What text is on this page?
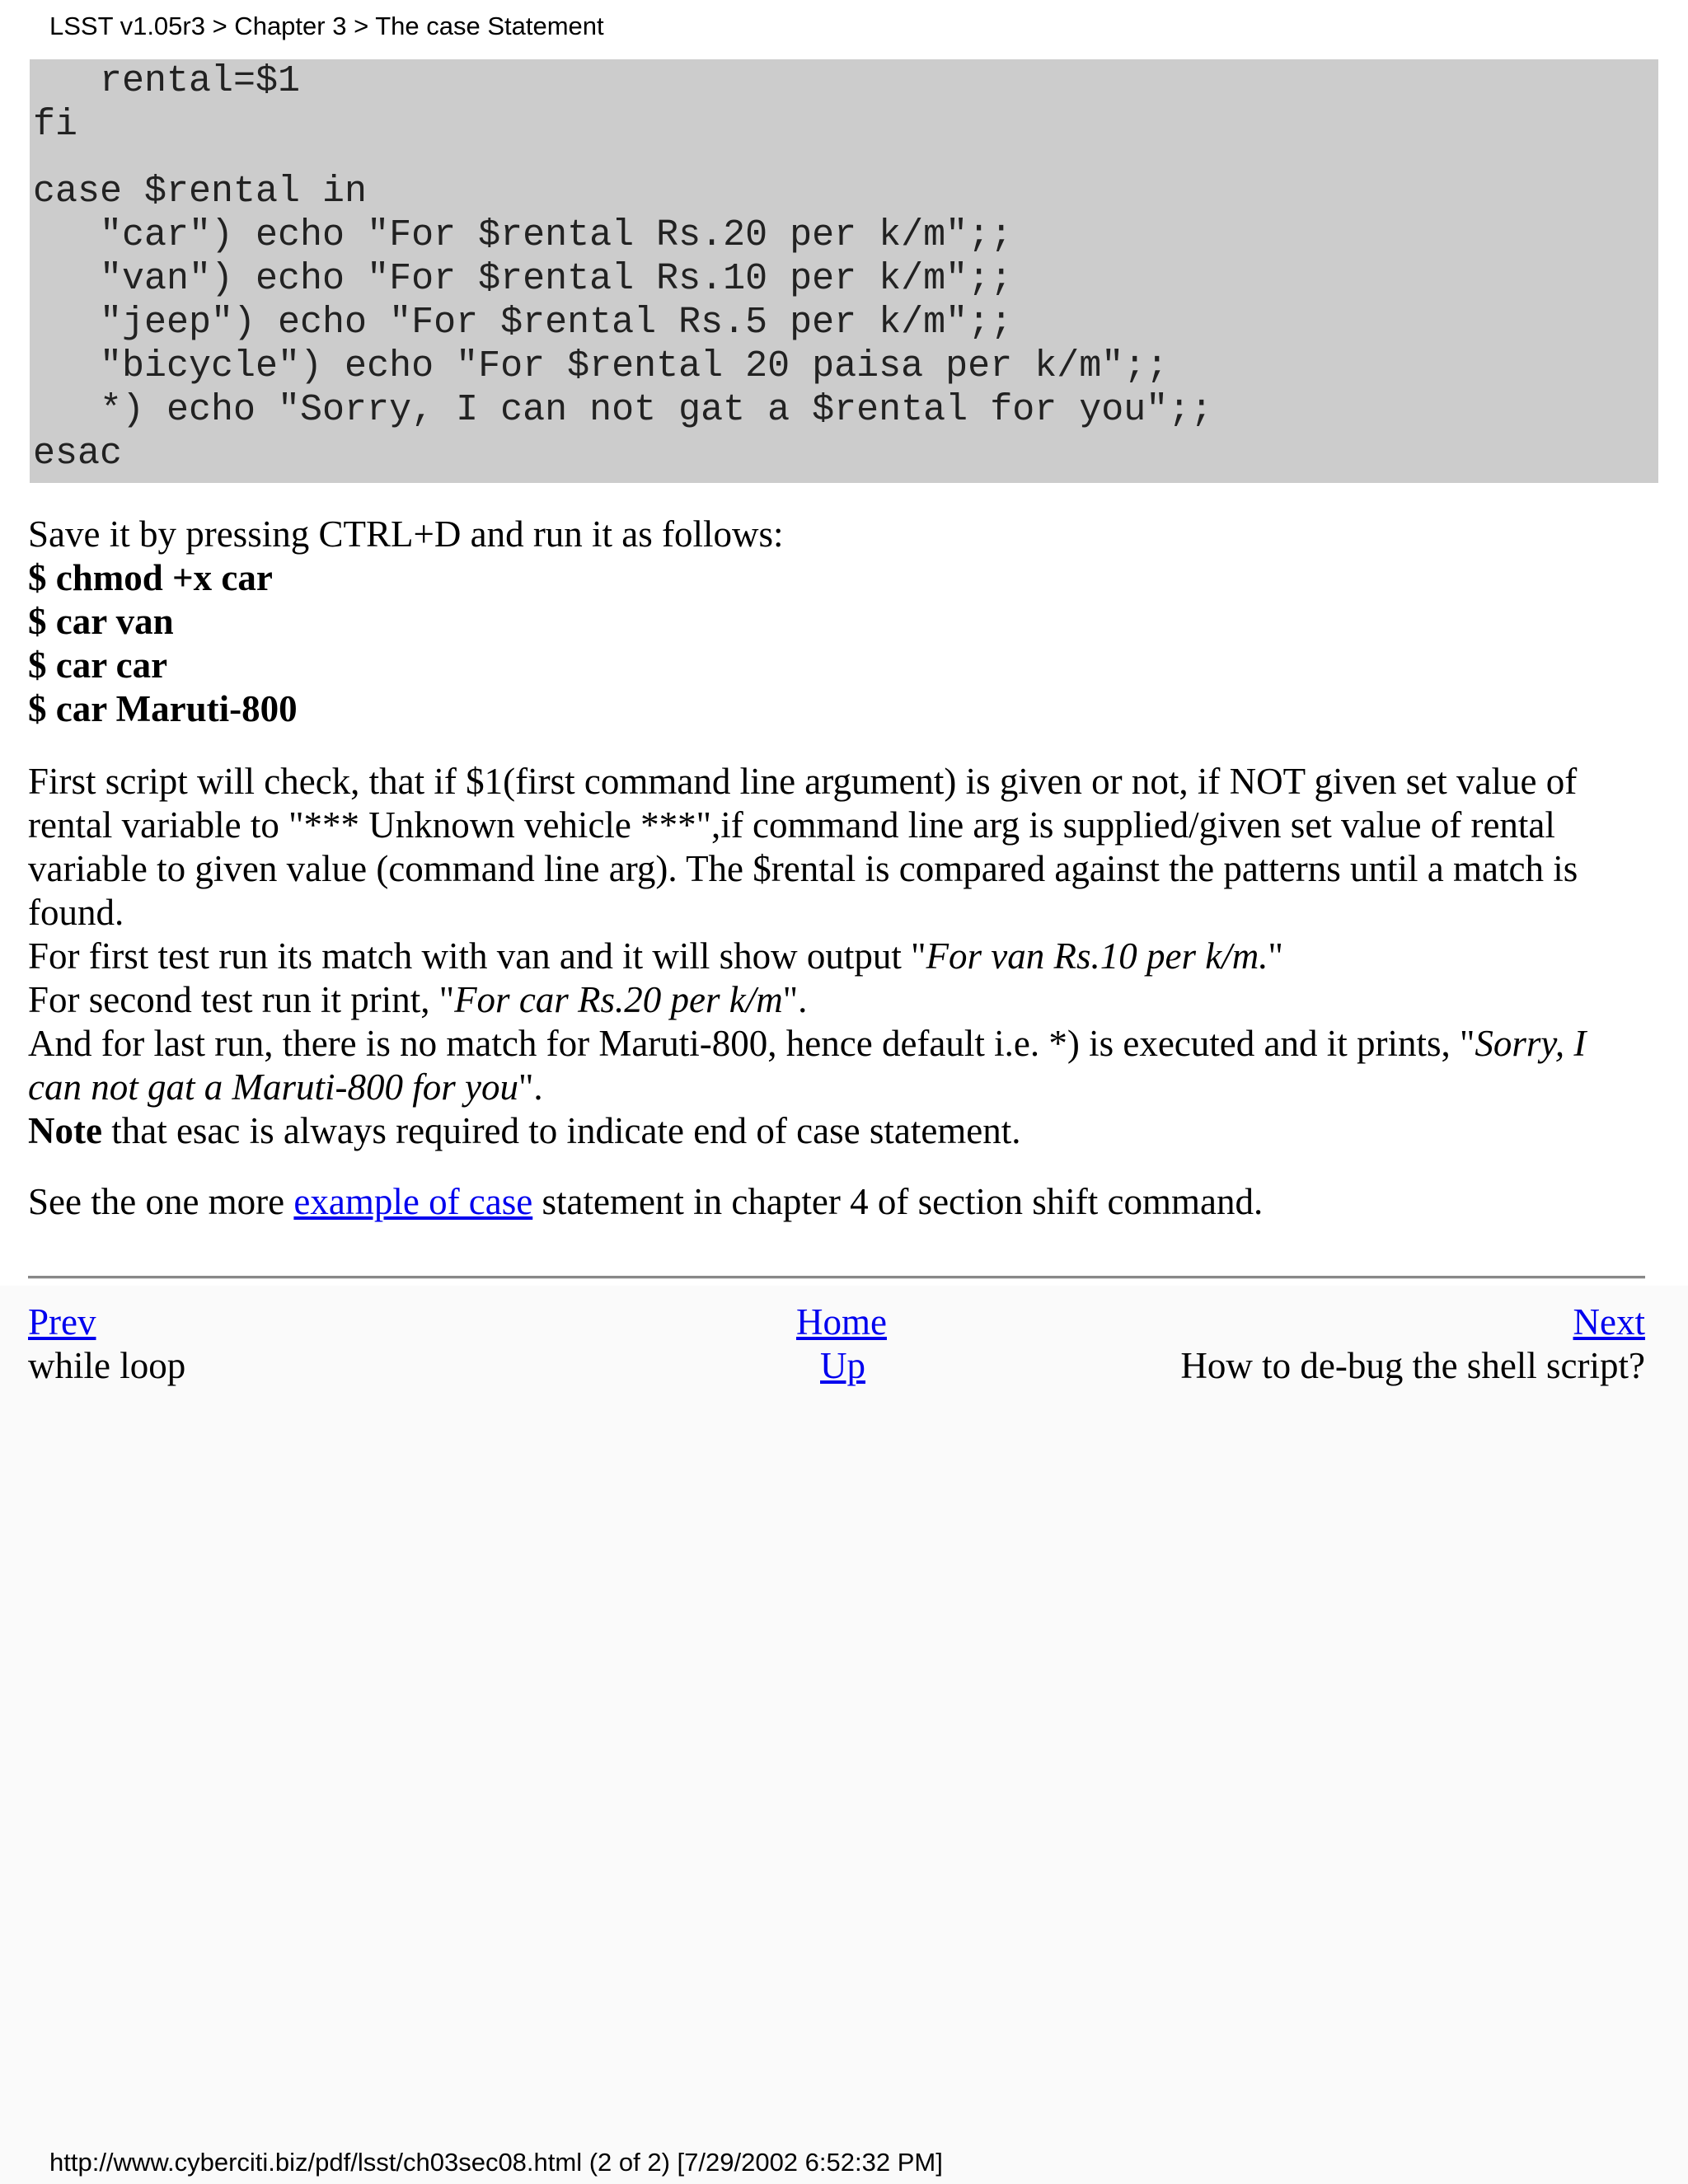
LSST v1.05r3 > Chapter 3 > The case Statement
rental=$1
fi
case $rental in
"car") echo "For $rental Rs.20 per k/m";;
"van") echo "For $rental Rs.10 per k/m";;
"jeep") echo "For $rental Rs.5 per k/m";;
"bicycle") echo "For $rental 20 paisa per k/m";;
*) echo "Sorry, I can not gat a $rental for you";;
esac
Save it by pressing CTRL+D and run it as follows:
$ chmod +x car
$ car van
$ car car
$ car Maruti-800
First script will check, that if $1(first command line argument) is given or not, if NOT given set value of
rental variable to "*** Unknown vehicle ***",if command line arg is supplied/given set value of rental
variable to given value (command line arg). The $rental is compared against the patterns until a match is
found.
For first test run its match with van and it will show output "For van Rs.10 per k/m."
For second test run it print, "For car Rs.20 per k/m".
And for last run, there is no match for Maruti-800, hence default i.e. *) is executed and it prints, "Sorry, I
can not gat a Maruti-800 for you".
Note that esac is always required to indicate end of case statement.
See the one more example of case statement in chapter 4 of section shift command.
Prev
while loop
Home
Up
Next
How to de-bug the shell script?
http://www.cyberciti.biz/pdf/lsst/ch03sec08.html (2 of 2) [7/29/2002 6:52:32 PM]
